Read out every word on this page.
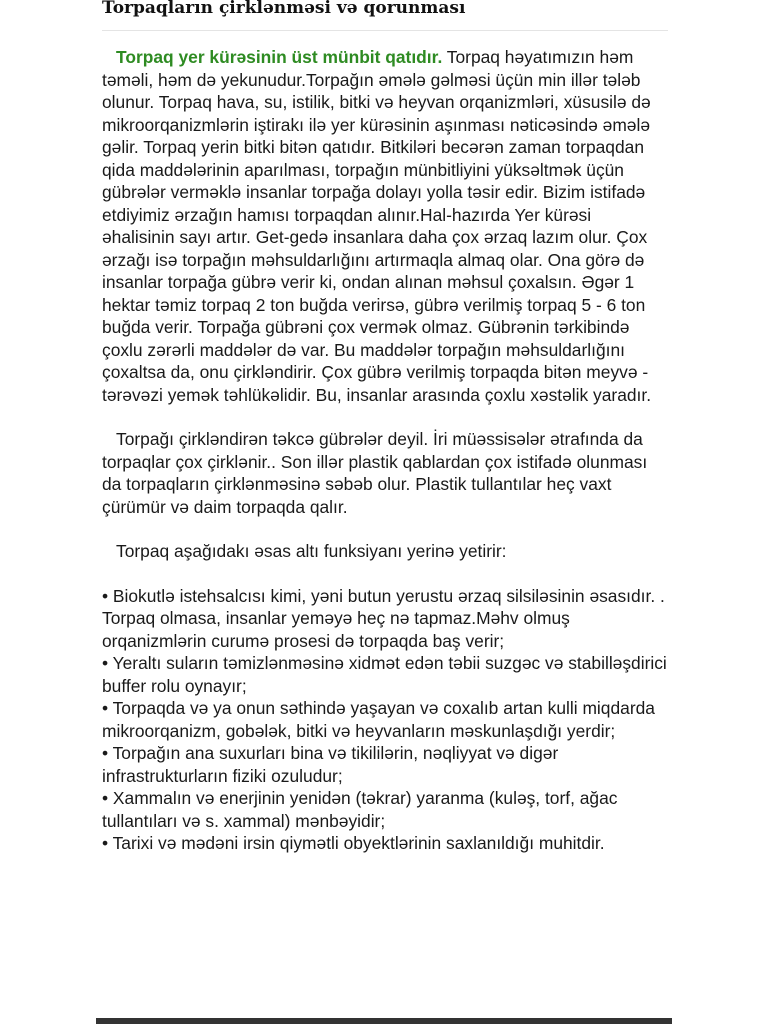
Torpaqların çirklənməsi və qorunması

Torpaq yer kürəsinin üst münbit qatıdır. Torpaq həyatımızın həm təməli, həm də yekunudur.Torpağın əmələ gəlməsi üçün min illər tələb olunur. Torpaq hava, su, istilik, bitki və heyvan orqanizmləri, xüsusilə də mikroorqanizmlərin iştirakı ilə yer kürəsinin aşınması nəticəsində əmələ gəlir. Torpaq yerin bitki bitən qatıdır. Bitkiləri becərən zaman torpaqdan qida maddələrinin aparılması, torpağın münbitliyini yüksəltmək üçün gübrələr verməklə insanlar torpağa dolayı yolla təsir edir. Bizim istifadə etdiyimiz ərzağın hamısı torpaqdan alınır.Hal-hazırda Yer kürəsi əhalisinin sayı artır. Get-gedə insanlara daha çox ərzaq lazım olur. Çox ərzağı isə torpağın məhsuldarlığını artırmaqla almaq olar. Ona görə də insanlar torpağa gübrə verir ki, ondan alınan məhsul çoxalsın. Əgər 1 hektar təmiz torpaq 2 ton buğda verirsə, gübrə verilmiş torpaq 5 - 6 ton buğda verir. Torpağa gübrəni çox vermək olmaz. Gübrənin tərkibində çoxlu zərərli maddələr də var. Bu maddələr torpağın məhsuldarlığını çoxaltsa da, onu çirkləndirir. Çox gübrə verilmiş torpaqda bitən meyvə - tərəvəzi yemək təhlükəlidir. Bu, insanlar arasında çoxlu xəstəlik yaradır.

Torpağı çirkləndirən təkcə gübrələr deyil. İri müəssisələr ətrafında da torpaqlar çox çirklənir.. Son illər plastik qablardan çox istifadə olunması da torpaqların çirklənməsinə səbəb olur. Plastik tullantılar heç vaxt çürümür və daim torpaqda qalır.

Torpaq aşağıdakı əsas altı funksiyanı yerinə yetirir:

• Biokutlə istehsalcısı kimi, yəni butun yerustu ərzaq silsiləsinin əsasıdır. . Torpaq olmasa, insanlar yeməyə heç nə tapmaz.Məhv olmuş orqanizmlərin curumə prosesi də torpaqda baş verir;

• Yeraltı suların təmizlənməsinə xidmət edən təbii suzgəc və stabilləşdirici buffer rolu oynayır;

• Torpaqda və ya onun səthində yaşayan və coxalıb artan kulli miqdarda mikroorqanizm, gobələk, bitki və heyvanların məskunlaşdığı yerdir;

• Torpağın ana suxurları bina və tikililərin, nəqliyyat və digər infrastrukturların fiziki ozuludur;

• Xammalın və enerjinin yenidən (təkrar) yaranma (kuləş, torf, ağac tullantıları və s. xammal) mənbəyidir;

• Tarixi və mədəni irsin qiymətli obyektlərinin saxlanıldığı muhitdir.
